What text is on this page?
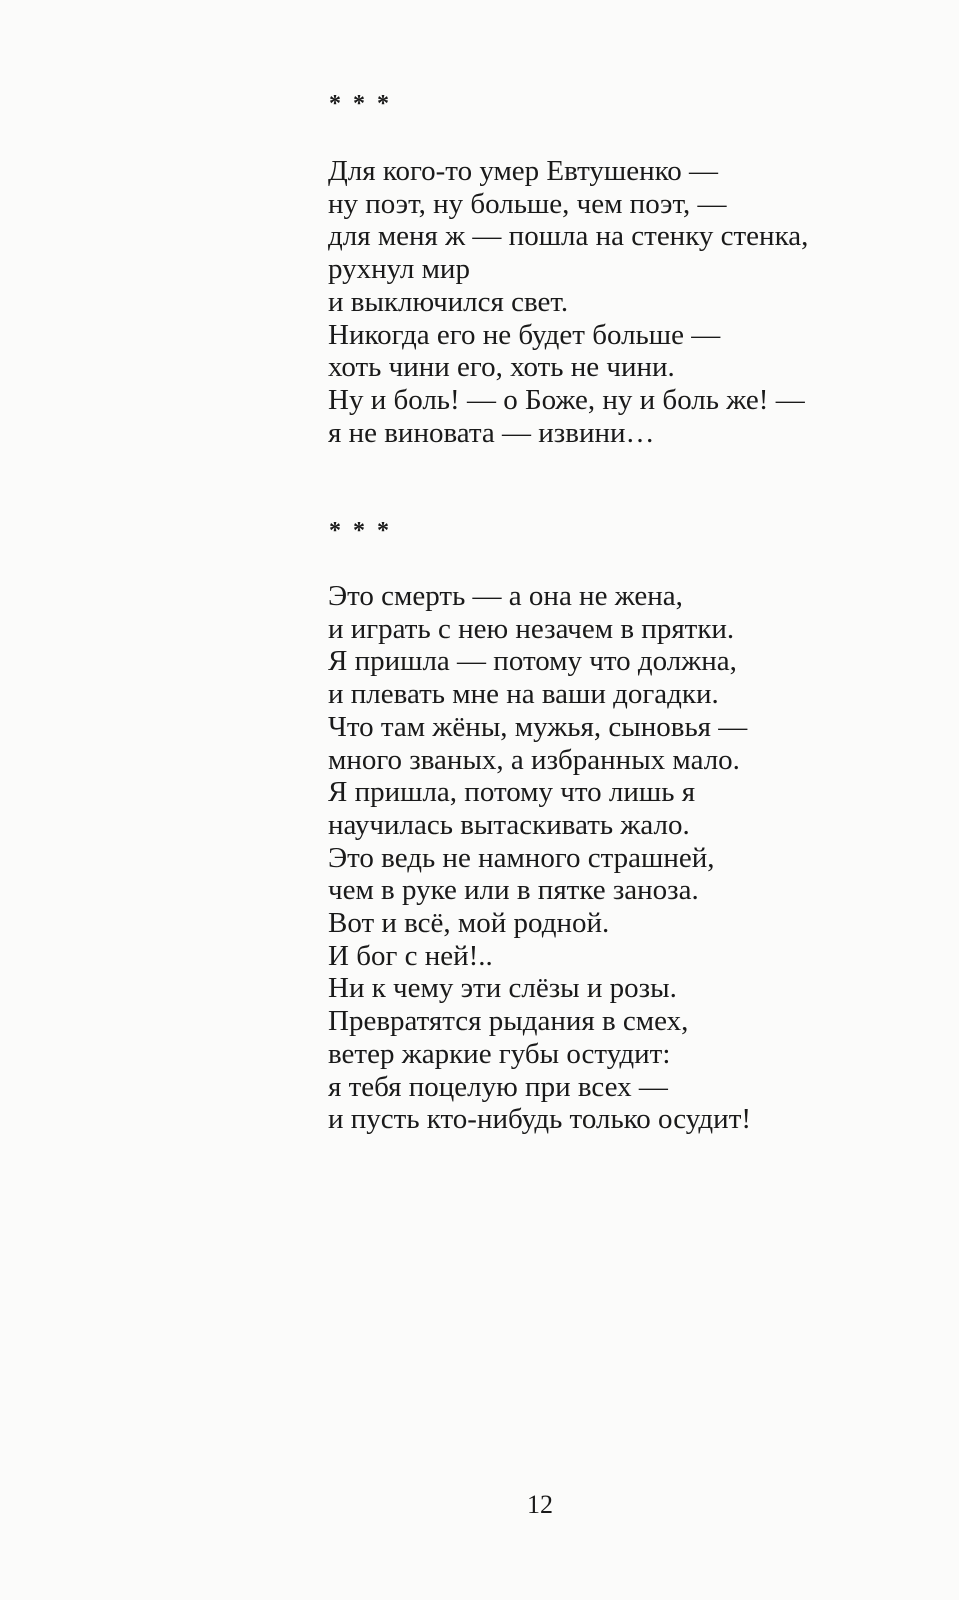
* * *
Для кого-то умер Евтушенко —
ну поэт, ну больше, чем поэт, —
для меня ж — пошла на стенку стенка,
рухнул мир
и выключился свет.
Никогда его не будет больше —
хоть чини его, хоть не чини.
Ну и боль! — о Боже, ну и боль же! —
я не виновата — извини…
* * *
Это смерть — а она не жена,
и играть с нею незачем в прятки.
Я пришла — потому что должна,
и плевать мне на ваши догадки.
Что там жёны, мужья, сыновья —
много званых, а избранных мало.
Я пришла, потому что лишь я
научилась вытаскивать жало.
Это ведь не намного страшней,
чем в руке или в пятке заноза.
Вот и всё, мой родной.
И бог с ней!..
Ни к чему эти слёзы и розы.
Превратятся рыдания в смех,
ветер жаркие губы остудит:
я тебя поцелую при всех —
и пусть кто-нибудь только осудит!
12
